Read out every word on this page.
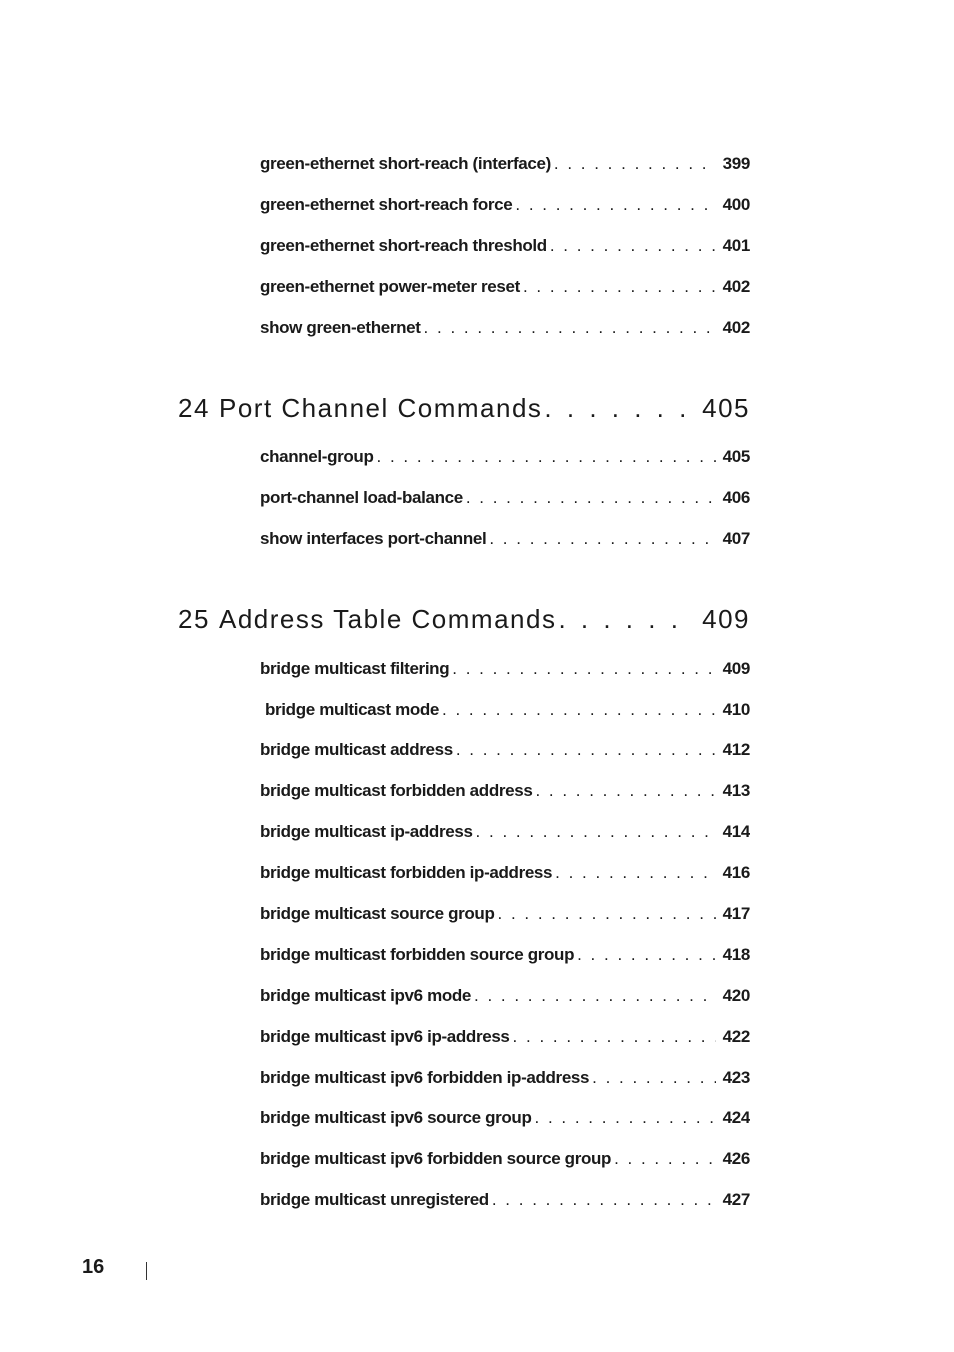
green-ethernet short-reach (interface) . . .	399
green-ethernet short-reach force . . .	400
green-ethernet short-reach threshold . . .	401
green-ethernet power-meter reset . . .	402
show green-ethernet . . .	402
24 Port Channel Commands . . .	405
channel-group . . .	405
port-channel load-balance . . .	406
show interfaces port-channel . . .	407
25 Address Table Commands . . .	409
bridge multicast filtering . . .	409
bridge multicast mode . . .	410
bridge multicast address . . .	412
bridge multicast forbidden address . . .	413
bridge multicast ip-address . . .	414
bridge multicast forbidden ip-address . . .	416
bridge multicast source group . . .	417
bridge multicast forbidden source group . . .	418
bridge multicast ipv6 mode . . .	420
bridge multicast ipv6 ip-address . . .	422
bridge multicast ipv6 forbidden ip-address . . .	423
bridge multicast ipv6 source group . . .	424
bridge multicast ipv6 forbidden source group . . .	426
bridge multicast unregistered . . .	427
16
